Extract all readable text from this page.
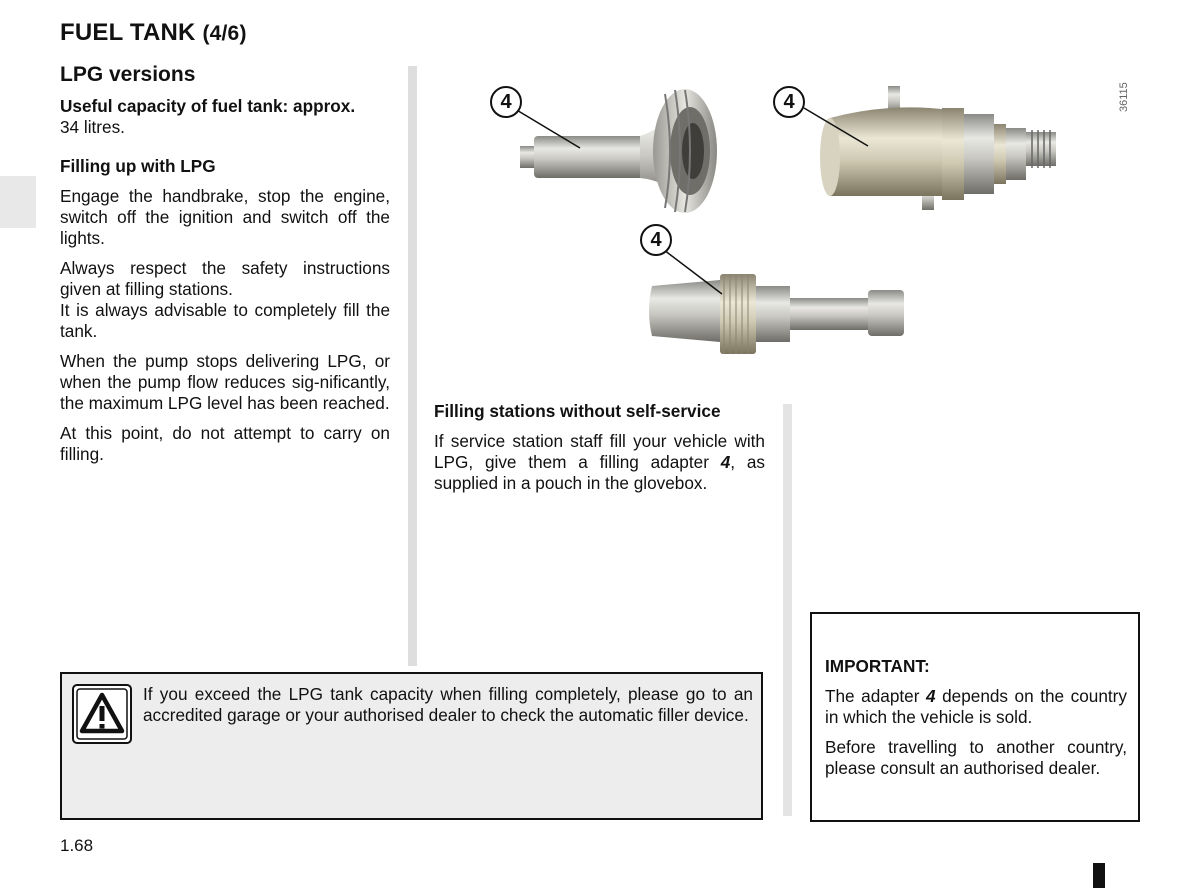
FUEL TANK (4/6)
LPG versions

Useful capacity of fuel tank: approx.
34 litres.

Filling up with LPG

Engage the handbrake, stop the engine, switch off the ignition and switch off the lights.

Always respect the safety instructions given at filling stations.
It is always advisable to completely fill the tank.

When the pump stops delivering LPG, or when the pump flow reduces sig-nificantly, the maximum LPG level has been reached.

At this point, do not attempt to carry on filling.

4	4
4
36115
Filling stations without self-service

If service station staff fill your vehicle with LPG, give them a filling adapter 4, as supplied in a pouch in the glovebox.

If you exceed the LPG tank capacity when filling completely, please go to an accredited garage or your authorised dealer to check the automatic filler device.
IMPORTANT:

The adapter 4 depends on the country in which the vehicle is sold.

Before travelling to another country, please consult an authorised dealer.

1.68
